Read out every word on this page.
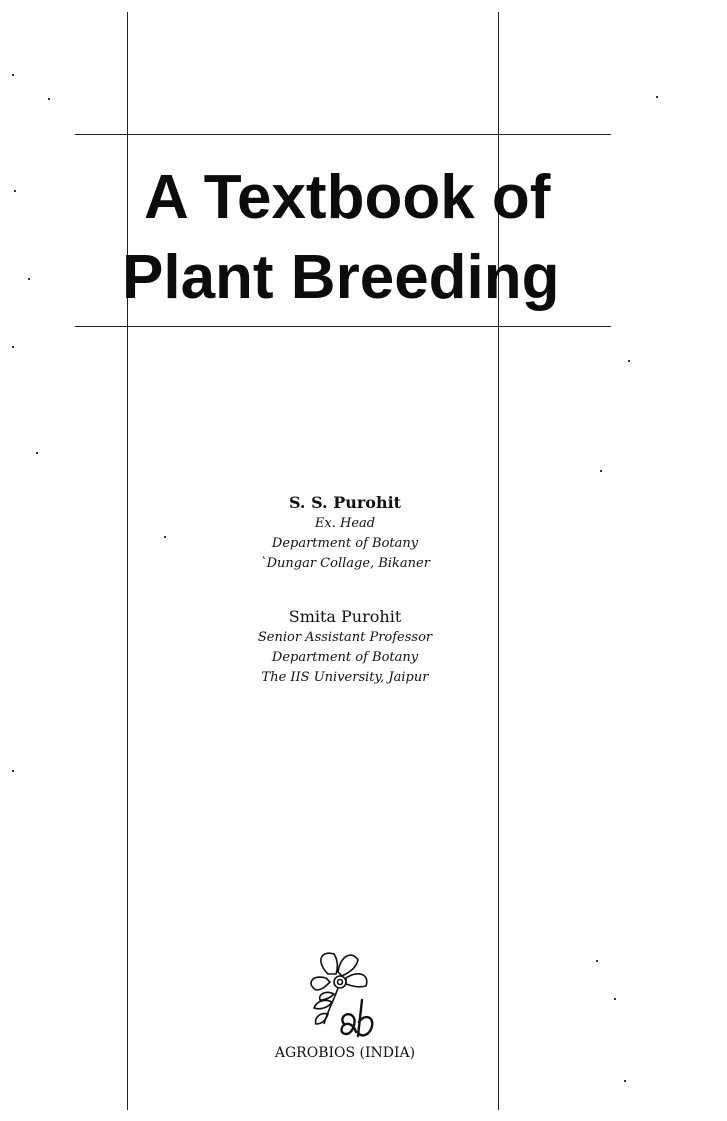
A Textbook of
Plant Breeding
S. S. Purohit
Ex. Head
Department of Botany
`Dungar Collage, Bikaner
Smita Purohit
Senior Assistant Professor
Department of Botany
The IIS University, Jaipur
AGROBIOS (INDIA)
